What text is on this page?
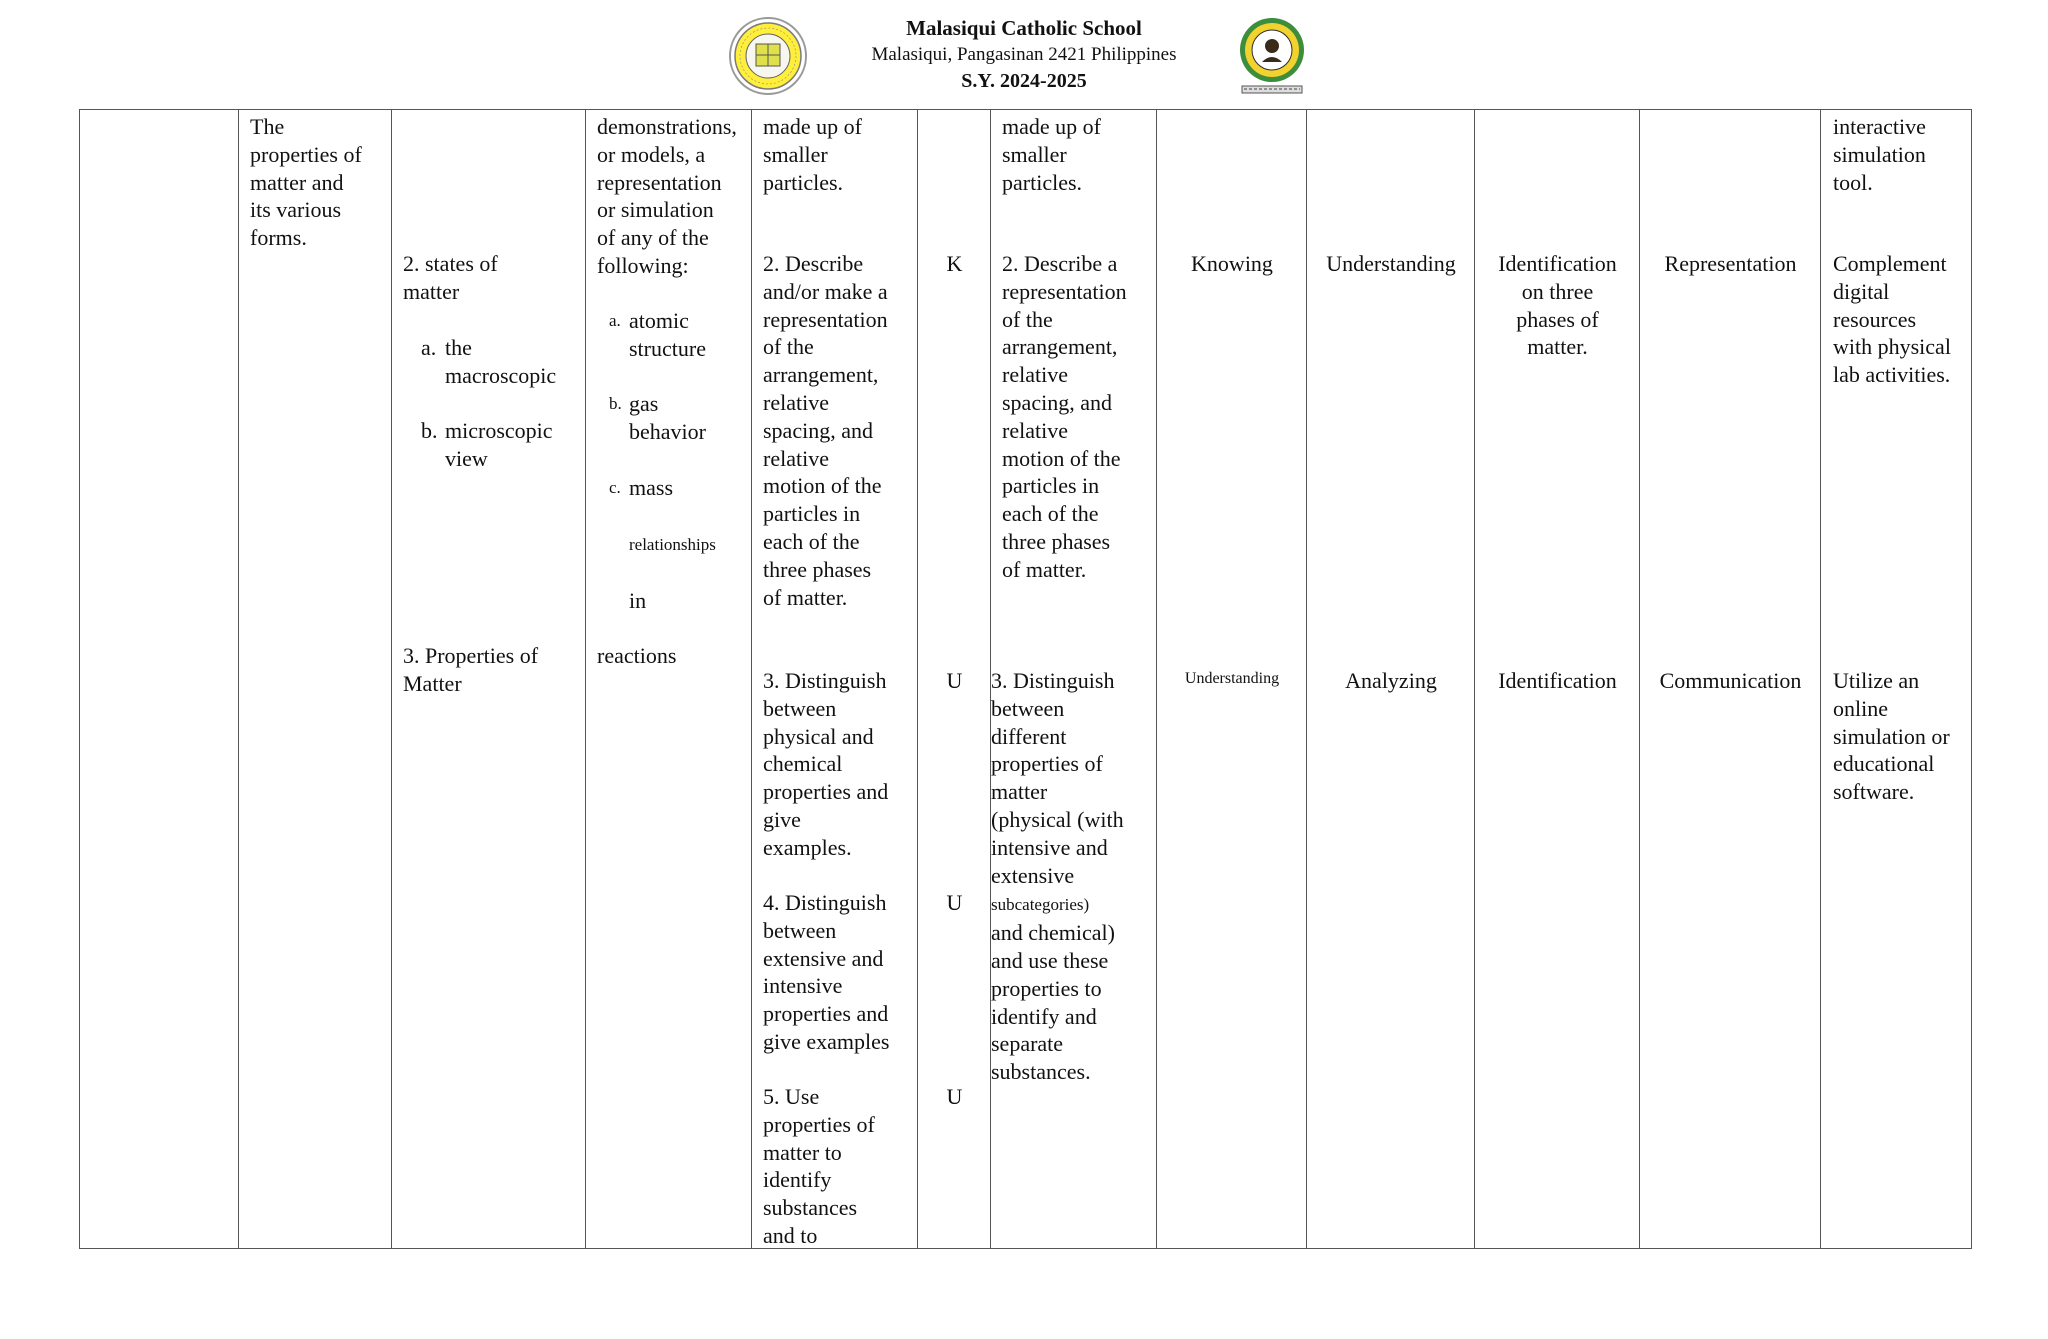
Malasiqui Catholic School
Malasiqui, Pangasinan 2421 Philippines
S.Y. 2024-2025
The
properties of
matter and
its various
forms.
2. states of
matter

a. the
macroscopic

b. microscopic
view

3. Properties of
Matter
demonstrations,
or models, a
representation
or simulation
of any of the
following:

a. atomic
structure

b. gas
behavior

c. mass

relationships

in

reactions

made up of
smaller
particles.
2. Describe
and/or make a
representation
of the
arrangement,
relative
spacing, and
relative
motion of the
particles in
each of the
three phases
of matter.
3. Distinguish
between
physical and
chemical
properties and
give
examples.
4. Distinguish
between
extensive and
intensive
properties and
give examples
5. Use
properties of
matter to
identify
substances
and to
K
U
U
U
made up of
smaller
particles.
2. Describe a
representation
of the
arrangement,
relative
spacing, and
relative
motion of the
particles in
each of the
three phases
of matter.
3. Distinguish
between
different
properties of
matter
(physical (with
intensive and
extensive
subcategories)
and chemical)
and use these
properties to
identify and
separate
substances.
Knowing
Understanding
Understanding
Analyzing
Identification
on three
phases of
matter.
Identification
Representation
Communication
interactive
simulation
tool.
Complement
digital
resources
with physical
lab activities.
Utilize an
online
simulation or
educational
software.
